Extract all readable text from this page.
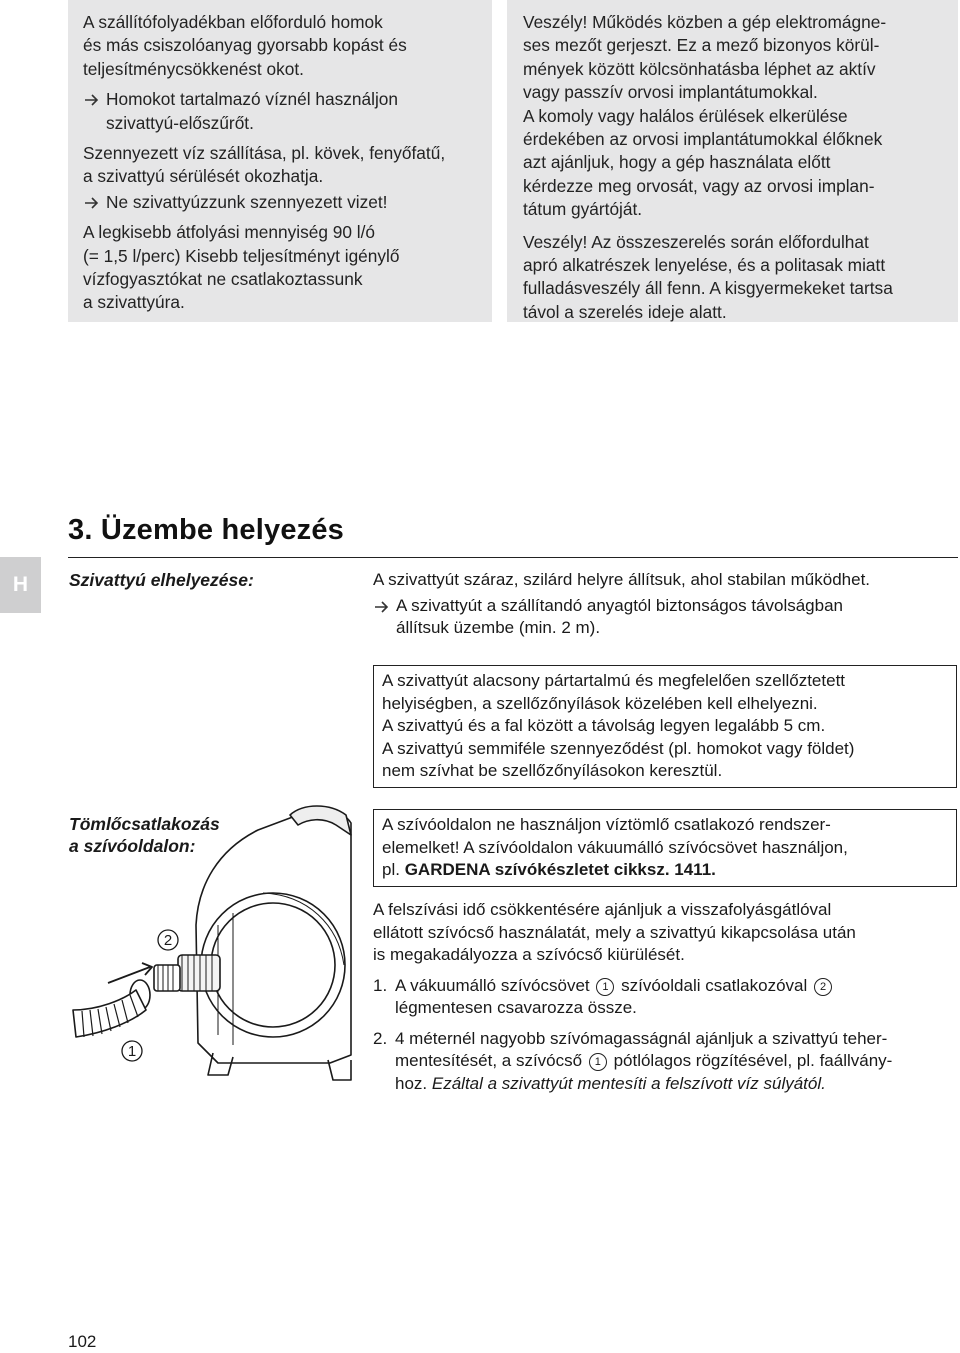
A szállítófolyadékban előforduló homok
és más csiszolóanyag gyorsabb kopást és
teljesítménycsökkenést okot.

Homokot tartalmazó víznél használjon
szivattyú-előszűrőt.

Szennyezett víz szállítása, pl. kövek, fenyőfatű,
a szivattyú sérülését okozhatja.

Ne szivattyúzzunk szennyezett vizet!

A legkisebb átfolyási mennyiség 90 l/ó
(= 1,5 l/perc) Kisebb teljesítményt igénylő
vízfogyasztókat ne csatlakoztassunk
a szivattyúra.

Veszély! Működés közben a gép elektromágne-
ses mezőt gerjeszt. Ez a mező bizonyos körül-
mények között kölcsönhatásba léphet az aktív
vagy passzív orvosi implantátumokkal.
A komoly vagy halálos érülések elkerülése
érdekében az orvosi implantátumokkal élőknek
azt ajánljuk, hogy a gép használata előtt
kérdezze meg orvosát, vagy az orvosi implan-
tátum gyártóját.

Veszély! Az összeszerelés során előfordulhat
apró alkatrészek lenyelése, és a politasak miatt
fulladásveszély áll fenn. A kisgyermekeket tartsa
távol a szerelés ideje alatt.

3. Üzembe helyezés
H	Szivattyú elhelyezése:	A szivattyút száraz, szilárd helyre állítsuk, ahol stabilan működhet.

A szivattyút a szállítandó anyagtól biztonságos távolságban
állítsuk üzembe (min. 2 m).

A szivattyút alacsony pártartalmú és megfelelően szellőztetett
helyiségben, a szellőzőnyílások közelében kell elhelyezni.
A szivattyú és a fal között a távolság legyen legalább 5 cm.
A szivattyú semmiféle szennyeződést (pl. homokot vagy földet)
nem szívhat be szellőzőnyílásokon keresztül.
Tömlőcsatlakozás
a szívóoldalon:
A szívóoldalon ne használjon víztömlő csatlakozó rendszer-
elemelket! A szívóoldalon vákuumálló szívócsövet használjon,
pl. GARDENA szívókészletet cikksz. 1411.

A felszívási idő csökkentésére ajánljuk a visszafolyásgátlóval
ellátott szívócső használatát, mely a szivattyú kikapcsolása után
is megakadályozza a szívócső kiürülését.

1. A vákuumálló szívócsövet 1 szívóoldali csatlakozóval 2
légmentesen csavarozza össze.

2. 4 méternél nagyobb szívómagasságnál ajánljuk a szivattyú teher-
mentesítését, a szívócső 1 pótlólagos rögzítésével, pl. faállvány-
hoz. Ezáltal a szivattyút mentesíti a felszívott víz súlyától.

2
1
102
